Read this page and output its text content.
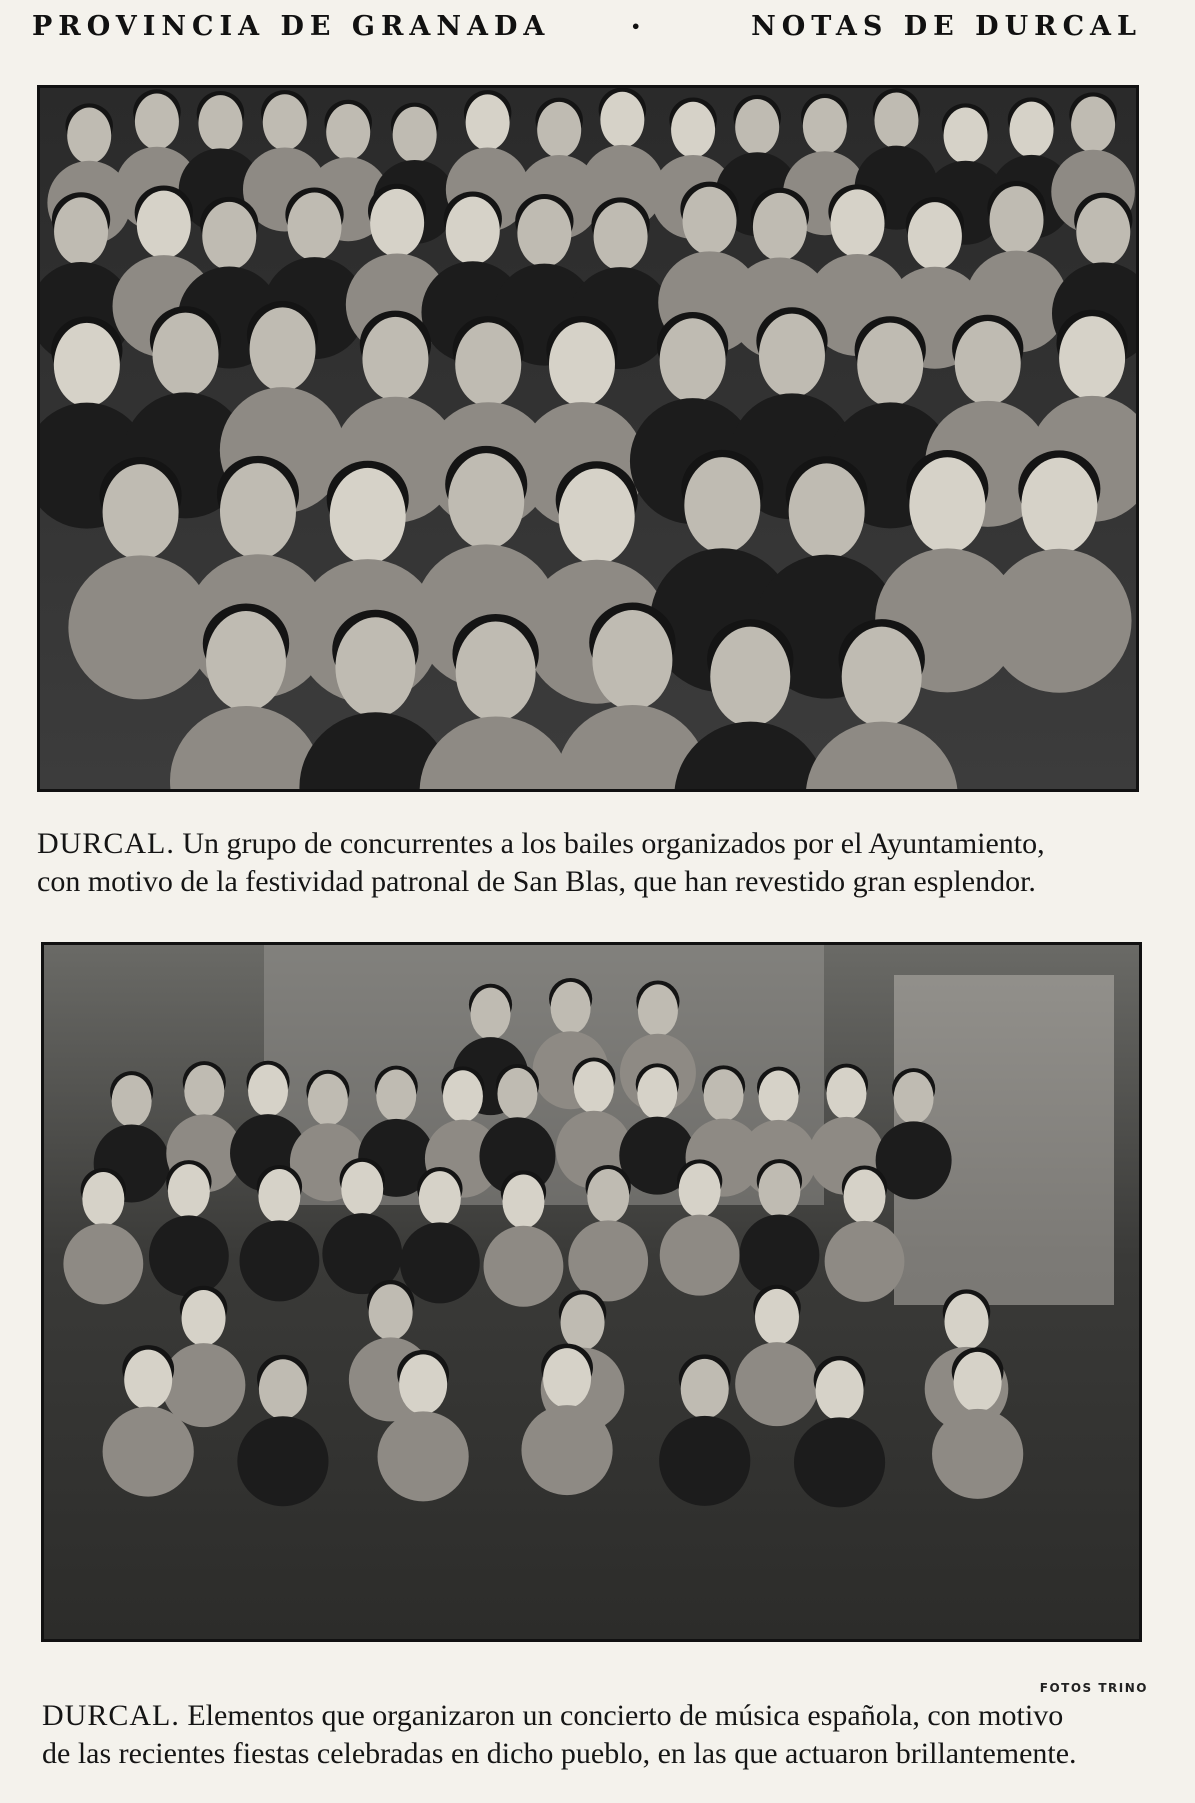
PROVINCIA DE GRANADA	•	NOTAS DE DURCAL
DURCAL. Un grupo de concurrentes a los bailes organizados por el Ayuntamiento,
con motivo de la festividad patronal de San Blas, que han revestido gran esplendor.
FOTOS TRINO
DURCAL. Elementos que organizaron un concierto de música española, con motivo
de las recientes fiestas celebradas en dicho pueblo, en las que actuaron brillantemente.
